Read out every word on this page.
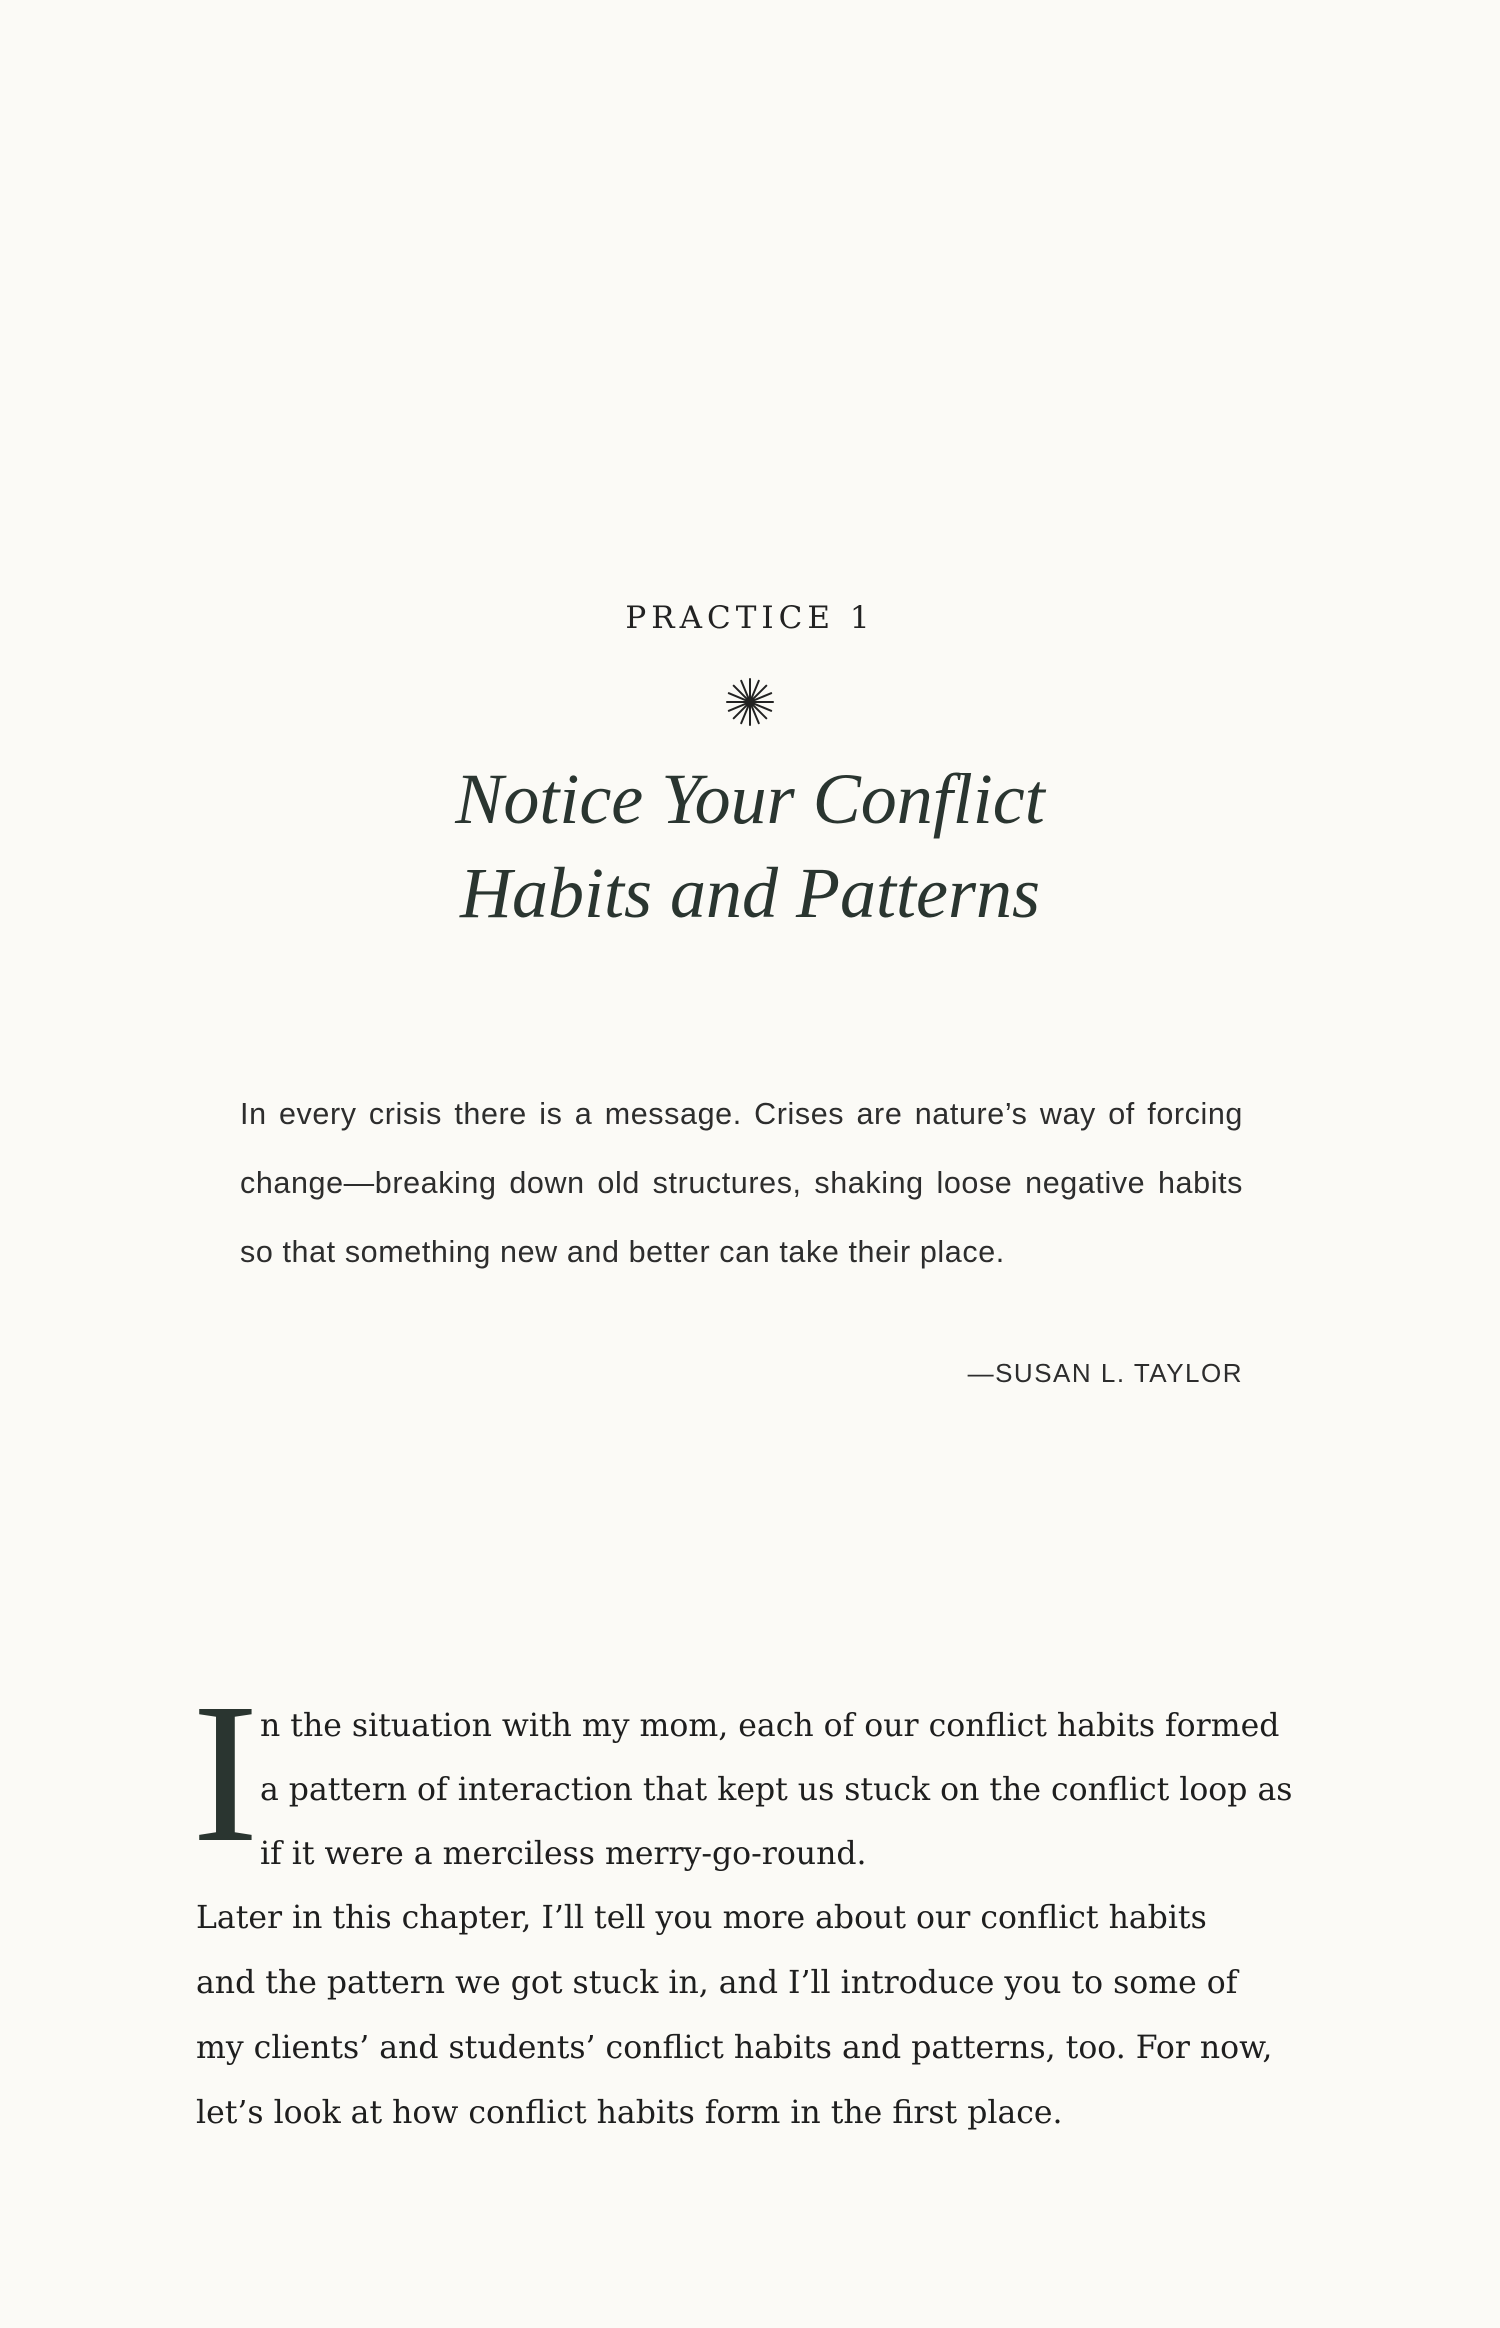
PRACTICE 1

Notice Your Conflict
Habits and Patterns

In every crisis there is a message. Crises are nature’s way of forcing change—breaking down old structures, shaking loose negative habits so that something new and better can take their place.

—SUSAN L. TAYLOR

I n the situation with my mom, each of our conflict habits formed
a pattern of interaction that kept us stuck on the conflict loop as
if it were a merciless merry-go-round.

Later in this chapter, I’ll tell you more about our conflict habits
and the pattern we got stuck in, and I’ll introduce you to some of
my clients’ and students’ conflict habits and patterns, too. For now,
let’s look at how conflict habits form in the first place.
